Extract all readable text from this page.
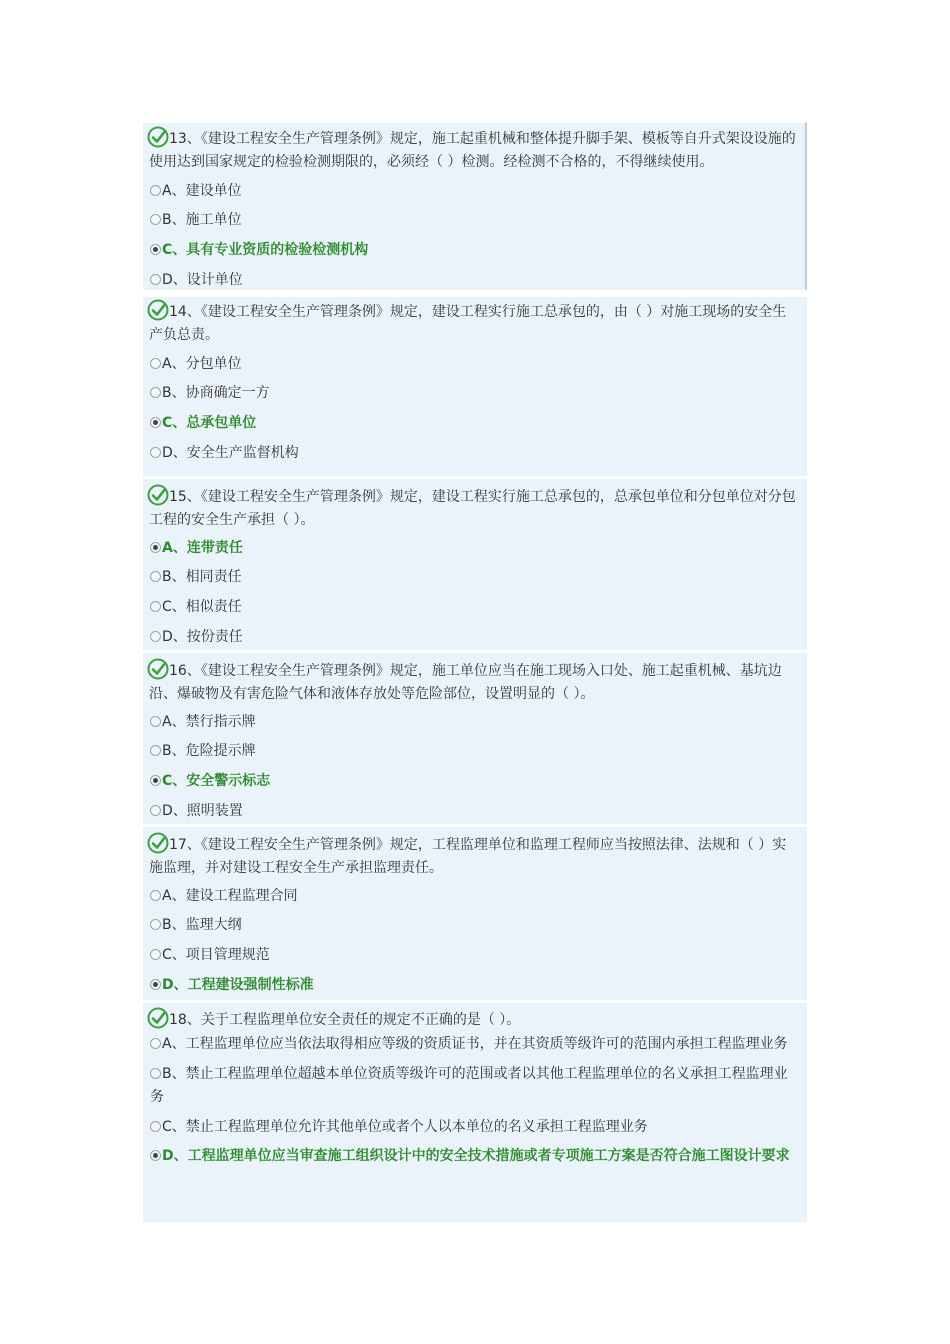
13、《建设工程安全生产管理条例》规定，施工起重机械和整体提升脚手架、模板等自升式架设设施的使用达到国家规定的检验检测期限的，必须经（ ）检测。经检测不合格的，不得继续使用。
A、建设单位
B、施工单位
C、具有专业资质的检验检测机构
D、设计单位
14、《建设工程安全生产管理条例》规定，建设工程实行施工总承包的，由（ ）对施工现场的安全生产负总责。
A、分包单位
B、协商确定一方
C、总承包单位
D、安全生产监督机构
15、《建设工程安全生产管理条例》规定，建设工程实行施工总承包的，总承包单位和分包单位对分包工程的安全生产承担（ ）。
A、连带责任
B、相同责任
C、相似责任
D、按份责任
16、《建设工程安全生产管理条例》规定，施工单位应当在施工现场入口处、施工起重机械、基坑边沿、爆破物及有害危险气体和液体存放处等危险部位，设置明显的（ ）。
A、禁行指示牌
B、危险提示牌
C、安全警示标志
D、照明装置
17、《建设工程安全生产管理条例》规定，工程监理单位和监理工程师应当按照法律、法规和（ ）实施监理，并对建设工程安全生产承担监理责任。
A、建设工程监理合同
B、监理大纲
C、项目管理规范
D、工程建设强制性标准
18、关于工程监理单位安全责任的规定不正确的是（ ）。
A、工程监理单位应当依法取得相应等级的资质证书，并在其资质等级许可的范围内承担工程监理业务
B、禁止工程监理单位超越本单位资质等级许可的范围或者以其他工程监理单位的名义承担工程监理业务
C、禁止工程监理单位允许其他单位或者个人以本单位的名义承担工程监理业务
D、工程监理单位应当审查施工组织设计中的安全技术措施或者专项施工方案是否符合施工图设计要求
